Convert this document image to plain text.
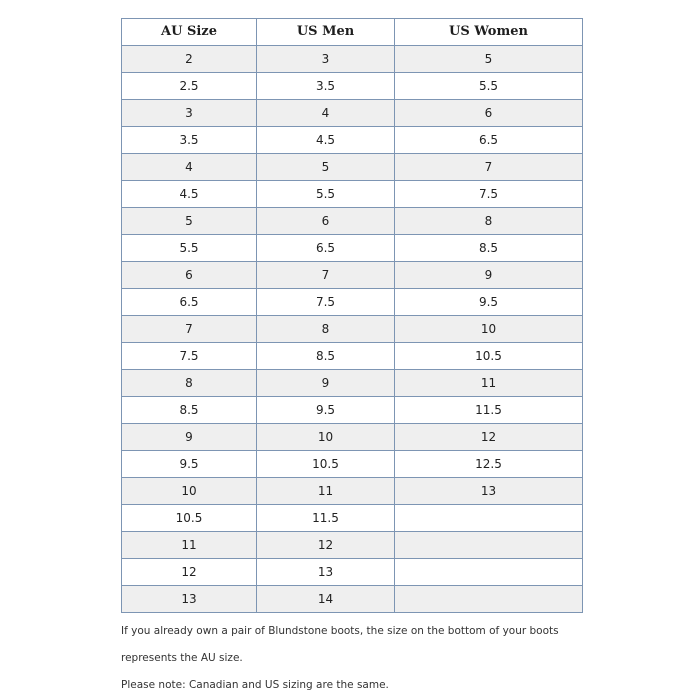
AU Size	US Men	US Women
2	3	5
2.5	3.5	5.5
3	4	6
3.5	4.5	6.5
4	5	7
4.5	5.5	7.5
5	6	8
5.5	6.5	8.5
6	7	9
6.5	7.5	9.5
7	8	10
7.5	8.5	10.5
8	9	11
8.5	9.5	11.5
9	10	12
9.5	10.5	12.5
10	11	13
10.5	11.5	
11	12	
12	13	
13	14	

If you already own a pair of Blundstone boots, the size on the bottom of your boots

represents the AU size.

Please note: Canadian and US sizing are the same.
